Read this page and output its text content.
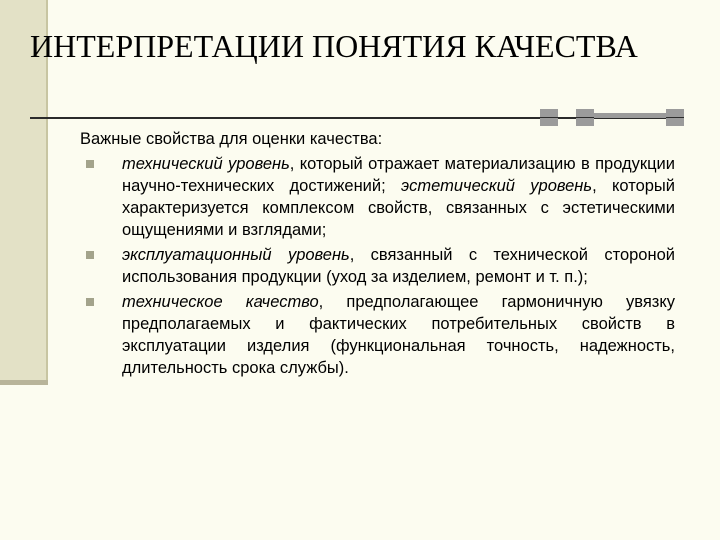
ИНТЕРПРЕТАЦИИ ПОНЯТИЯ КАЧЕСТВА

Важные свойства для оценки качества:

технический уровень, который отражает материализацию в продукции научно-технических достижений; эстетический уровень, который характеризуется комплексом свойств, связанных с эстетическими ощущениями и взглядами;
эксплуатационный уровень, связанный с технической стороной использования продукции (уход за изделием, ремонт и т. п.);
техническое качество, предполагающее гармоничную увязку предполагаемых и фактических потребительных свойств в эксплуатации изделия (функциональная точность, надежность, длительность срока службы).
